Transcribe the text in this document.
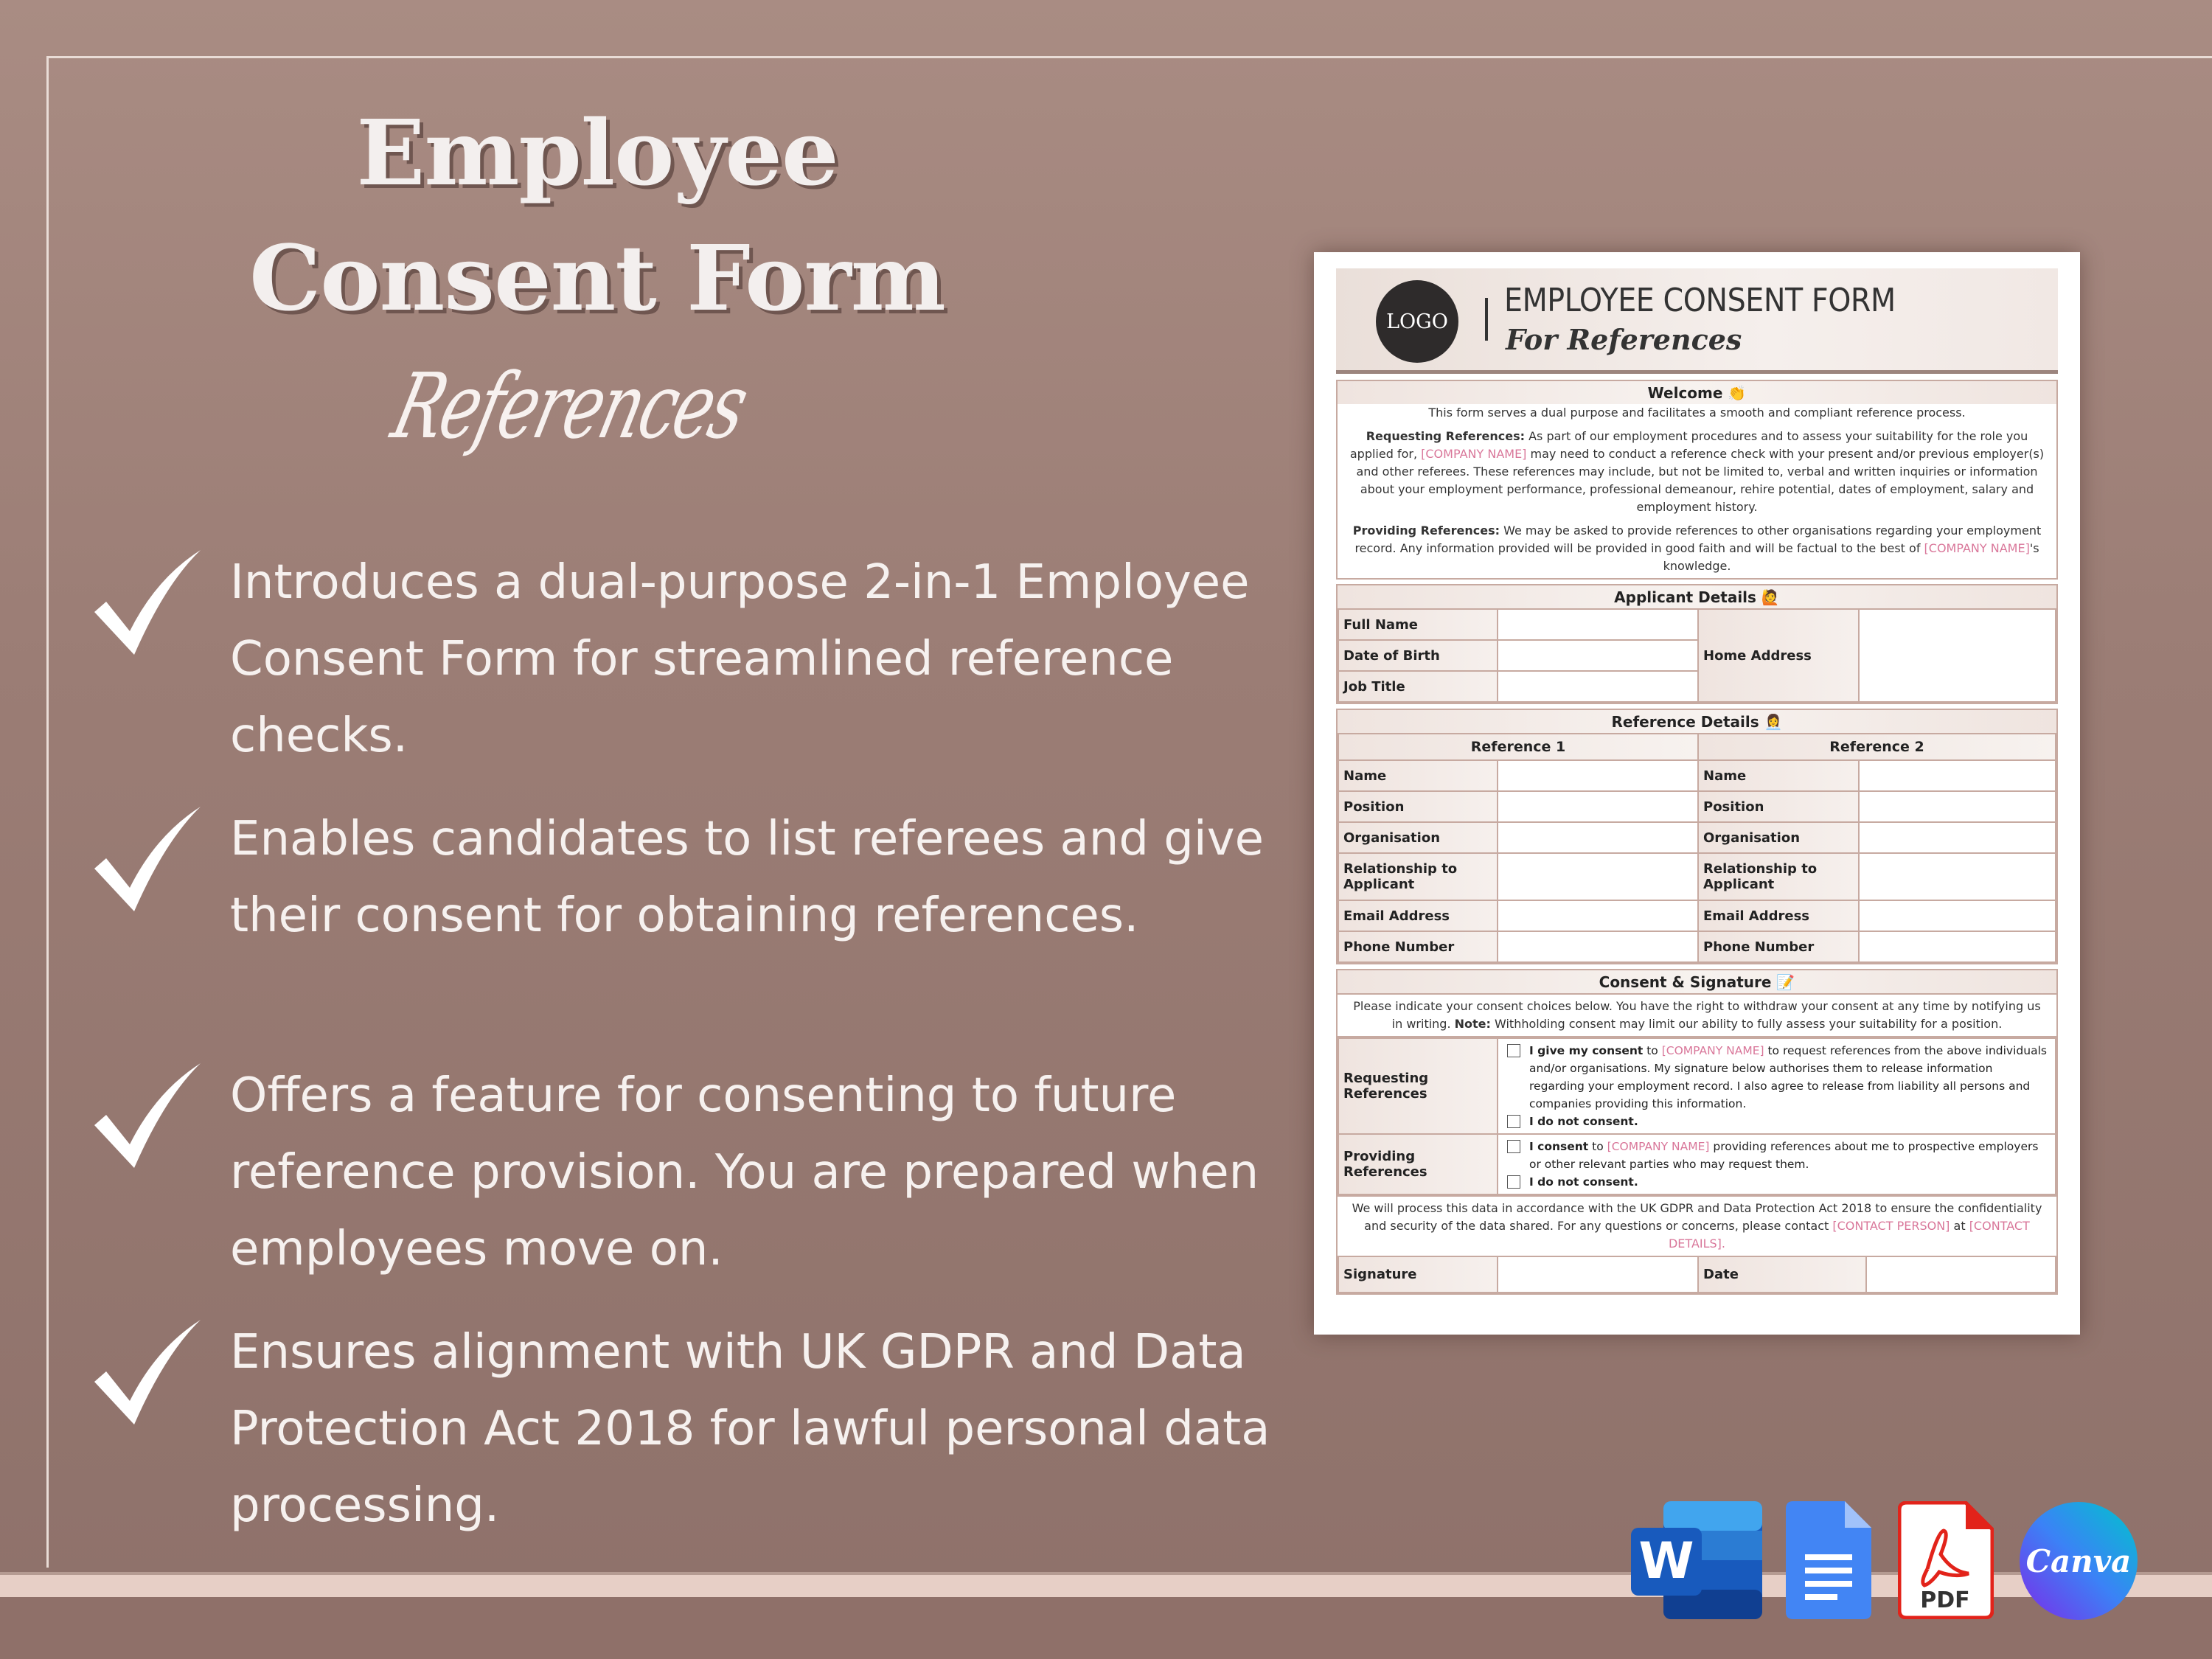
Employee
Consent Form
References
Introduces a dual-purpose 2-in-1 Employee Consent Form for streamlined reference checks.
Enables candidates to list referees and give their consent for obtaining references.
Offers a feature for consenting to future reference provision. You are prepared when employees move on.
Ensures alignment with UK GDPR and Data Protection Act 2018 for lawful personal data processing.
LOGO
EMPLOYEE CONSENT FORM
For References
Welcome 👏
This form serves a dual purpose and facilitates a smooth and compliant reference process.
Requesting References: As part of our employment procedures and to assess your suitability for the role you applied for, [COMPANY NAME] may need to conduct a reference check with your present and/or previous employer(s) and other referees. These references may include, but not be limited to, verbal and written inquiries or information about your employment performance, professional demeanour, rehire potential, dates of employment, salary and employment history.
Providing References: We may be asked to provide references to other organisations regarding your employment record. Any information provided will be provided in good faith and will be factual to the best of [COMPANY NAME]'s knowledge.
Applicant Details 🙋
Full Name		Home Address	
Date of Birth			
Job Title			
Reference Details 👩‍💼
Reference 1		Reference 2	
Name		Name	
Position		Position	
Organisation		Organisation	
Relationship to Applicant		Relationship to Applicant	
Email Address		Email Address	
Phone Number		Phone Number	
Consent & Signature 📝
Please indicate your consent choices below. You have the right to withdraw your consent at any time by notifying us in writing. Note: Withholding consent may limit our ability to fully assess your suitability for a position.
Requesting References	I give my consent to [COMPANY NAME] to request references from the above individuals and/or organisations. My signature below authorises them to release information regarding your employment record. I also agree to release from liability all persons and companies providing this information.
I do not consent.

Providing References	I consent to [COMPANY NAME] providing references about me to prospective employers or other relevant parties who may request them.
I do not consent.
We will process this data in accordance with the UK GDPR and Data Protection Act 2018 to ensure the confidentiality and security of the data shared. For any questions or concerns, please contact [CONTACT PERSON] at [CONTACT DETAILS].
Signature		Date	
W
PDF
Canva
